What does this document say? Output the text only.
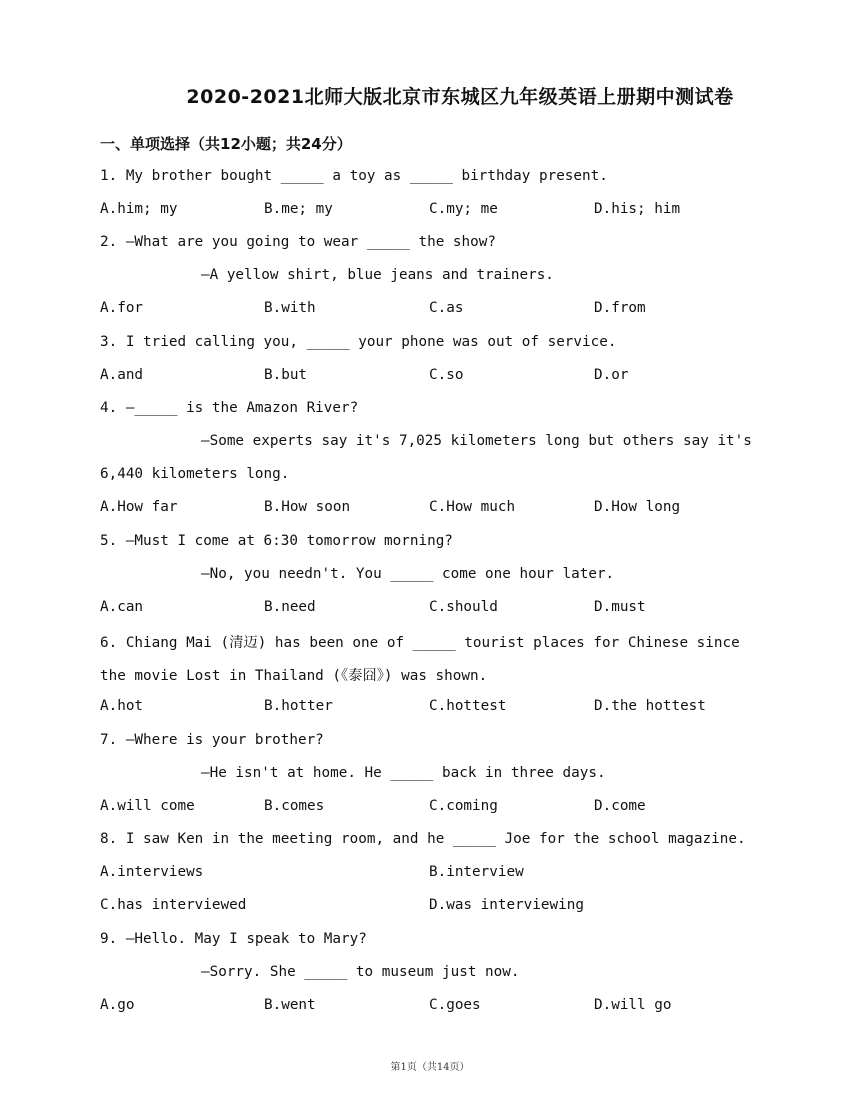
2020-2021北师大版北京市东城区九年级英语上册期中测试卷
一、单项选择（共12小题；共24分）
1. My brother bought _____ a toy as _____ birthday present.
A.him; my	B.me; my	C.my; me	D.his; him
2. —What are you going to wear _____ the show?
—A yellow shirt, blue jeans and trainers.
A.for	B.with	C.as	D.from
3. I tried calling you, _____ your phone was out of service.
A.and	B.but	C.so	D.or
4. —_____ is the Amazon River?
—Some experts say it's 7,025 kilometers long but others say it's
6,440 kilometers long.
A.How far	B.How soon	C.How much	D.How long
5. —Must I come at 6:30 tomorrow morning?
—No, you needn't. You _____ come one hour later.
A.can	B.need	C.should	D.must
6. Chiang Mai (清迈) has been one of _____ tourist places for Chinese since
the movie Lost in Thailand (《泰囧》) was shown.
A.hot	B.hotter	C.hottest	D.the hottest
7. —Where is your brother?
—He isn't at home. He _____ back in three days.
A.will come	B.comes	C.coming	D.come
8. I saw Ken in the meeting room, and he _____ Joe for the school magazine.
A.interviews	B.interview
C.has interviewed	D.was interviewing
9. —Hello. May I speak to Mary?
—Sorry. She _____ to museum just now.
A.go	B.went	C.goes	D.will go
第1页（共14页）
